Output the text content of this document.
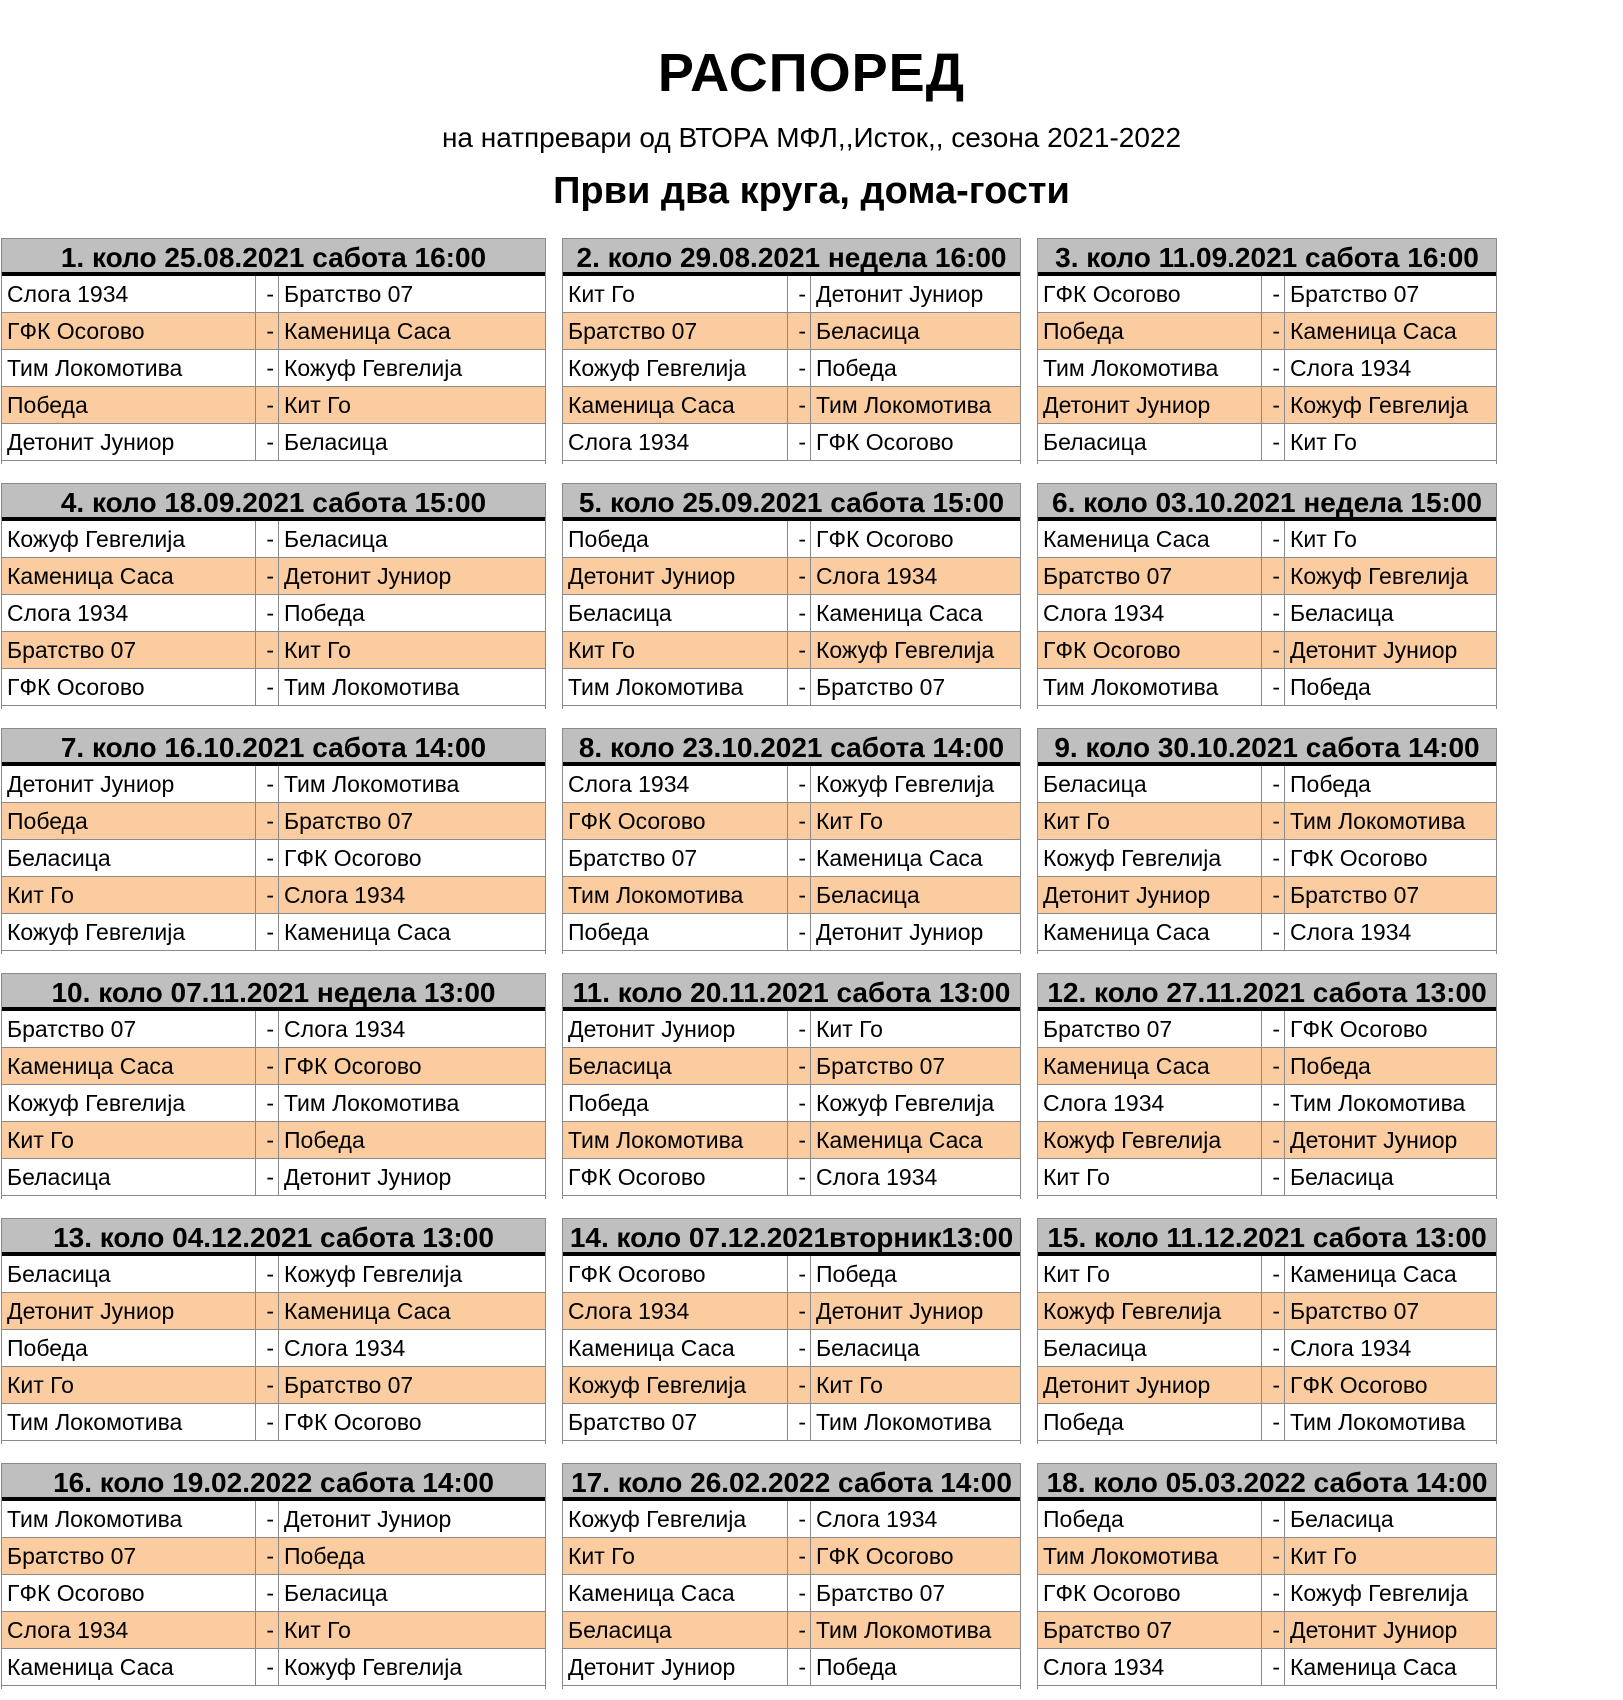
РАСПОРЕД
на натпревари од ВТОРА МФЛ,,Исток,, сезона 2021-2022
Први два круга, дома-гости
1. коло 25.08.2021 сабота 16:00
Слога 1934	- Братство 07
ГФК Осогово	- Каменица Саса
Тим Локомотива	- Кожуф Гевгелија
Победа	- Кит Го
Детонит Јуниор	- Беласица
2. коло 29.08.2021 недела 16:00
Кит Го	- Детонит Јуниор
Братство 07	- Беласица
Кожуф Гевгелија	- Победа
Каменица Саса	- Тим Локомотива
Слога 1934	- ГФК Осогово
3. коло 11.09.2021 сабота 16:00
ГФК Осогово	- Братство 07
Победа	- Каменица Саса
Тим Локомотива	- Слога 1934
Детонит Јуниор	- Кожуф Гевгелија
Беласица	- Кит Го
4. коло 18.09.2021 сабота 15:00
Кожуф Гевгелија	- Беласица
Каменица Саса	- Детонит Јуниор
Слога 1934	- Победа
Братство 07	- Кит Го
ГФК Осогово	- Тим Локомотива
5. коло 25.09.2021 сабота 15:00
Победа	- ГФК Осогово
Детонит Јуниор	- Слога 1934
Беласица	- Каменица Саса
Кит Го	- Кожуф Гевгелија
Тим Локомотива	- Братство 07
6. коло 03.10.2021 недела 15:00
Каменица Саса	- Кит Го
Братство 07	- Кожуф Гевгелија
Слога 1934	- Беласица
ГФК Осогово	- Детонит Јуниор
Тим Локомотива	- Победа
7. коло 16.10.2021 сабота 14:00
Детонит Јуниор	- Тим Локомотива
Победа	- Братство 07
Беласица	- ГФК Осогово
Кит Го	- Слога 1934
Кожуф Гевгелија	- Каменица Саса
8. коло 23.10.2021 сабота 14:00
Слога 1934	- Кожуф Гевгелија
ГФК Осогово	- Кит Го
Братство 07	- Каменица Саса
Тим Локомотива	- Беласица
Победа	- Детонит Јуниор
9. коло 30.10.2021 сабота 14:00
Беласица	- Победа
Кит Го	- Тим Локомотива
Кожуф Гевгелија	- ГФК Осогово
Детонит Јуниор	- Братство 07
Каменица Саса	- Слога 1934
10. коло 07.11.2021 недела 13:00
Братство 07	- Слога 1934
Каменица Саса	- ГФК Осогово
Кожуф Гевгелија	- Тим Локомотива
Кит Го	- Победа
Беласица	- Детонит Јуниор
11. коло 20.11.2021 сабота 13:00
Детонит Јуниор	- Кит Го
Беласица	- Братство 07
Победа	- Кожуф Гевгелија
Тим Локомотива	- Каменица Саса
ГФК Осогово	- Слога 1934
12. коло 27.11.2021 сабота 13:00
Братство 07	- ГФК Осогово
Каменица Саса	- Победа
Слога 1934	- Тим Локомотива
Кожуф Гевгелија	- Детонит Јуниор
Кит Го	- Беласица
13. коло 04.12.2021 сабота 13:00
Беласица	- Кожуф Гевгелија
Детонит Јуниор	- Каменица Саса
Победа	- Слога 1934
Кит Го	- Братство 07
Тим Локомотива	- ГФК Осогово
14. коло 07.12.2021вторник13:00
ГФК Осогово	- Победа
Слога 1934	- Детонит Јуниор
Каменица Саса	- Беласица
Кожуф Гевгелија	- Кит Го
Братство 07	- Тим Локомотива
15. коло 11.12.2021 сабота 13:00
Кит Го	- Каменица Саса
Кожуф Гевгелија	- Братство 07
Беласица	- Слога 1934
Детонит Јуниор	- ГФК Осогово
Победа	- Тим Локомотива
16. коло 19.02.2022 сабота 14:00
Тим Локомотива	- Детонит Јуниор
Братство 07	- Победа
ГФК Осогово	- Беласица
Слога 1934	- Кит Го
Каменица Саса	- Кожуф Гевгелија
17. коло 26.02.2022 сабота 14:00
Кожуф Гевгелија	- Слога 1934
Кит Го	- ГФК Осогово
Каменица Саса	- Братство 07
Беласица	- Тим Локомотива
Детонит Јуниор	- Победа
18. коло 05.03.2022 сабота 14:00
Победа	- Беласица
Тим Локомотива	- Кит Го
ГФК Осогово	- Кожуф Гевгелија
Братство 07	- Детонит Јуниор
Слога 1934	- Каменица Саса
